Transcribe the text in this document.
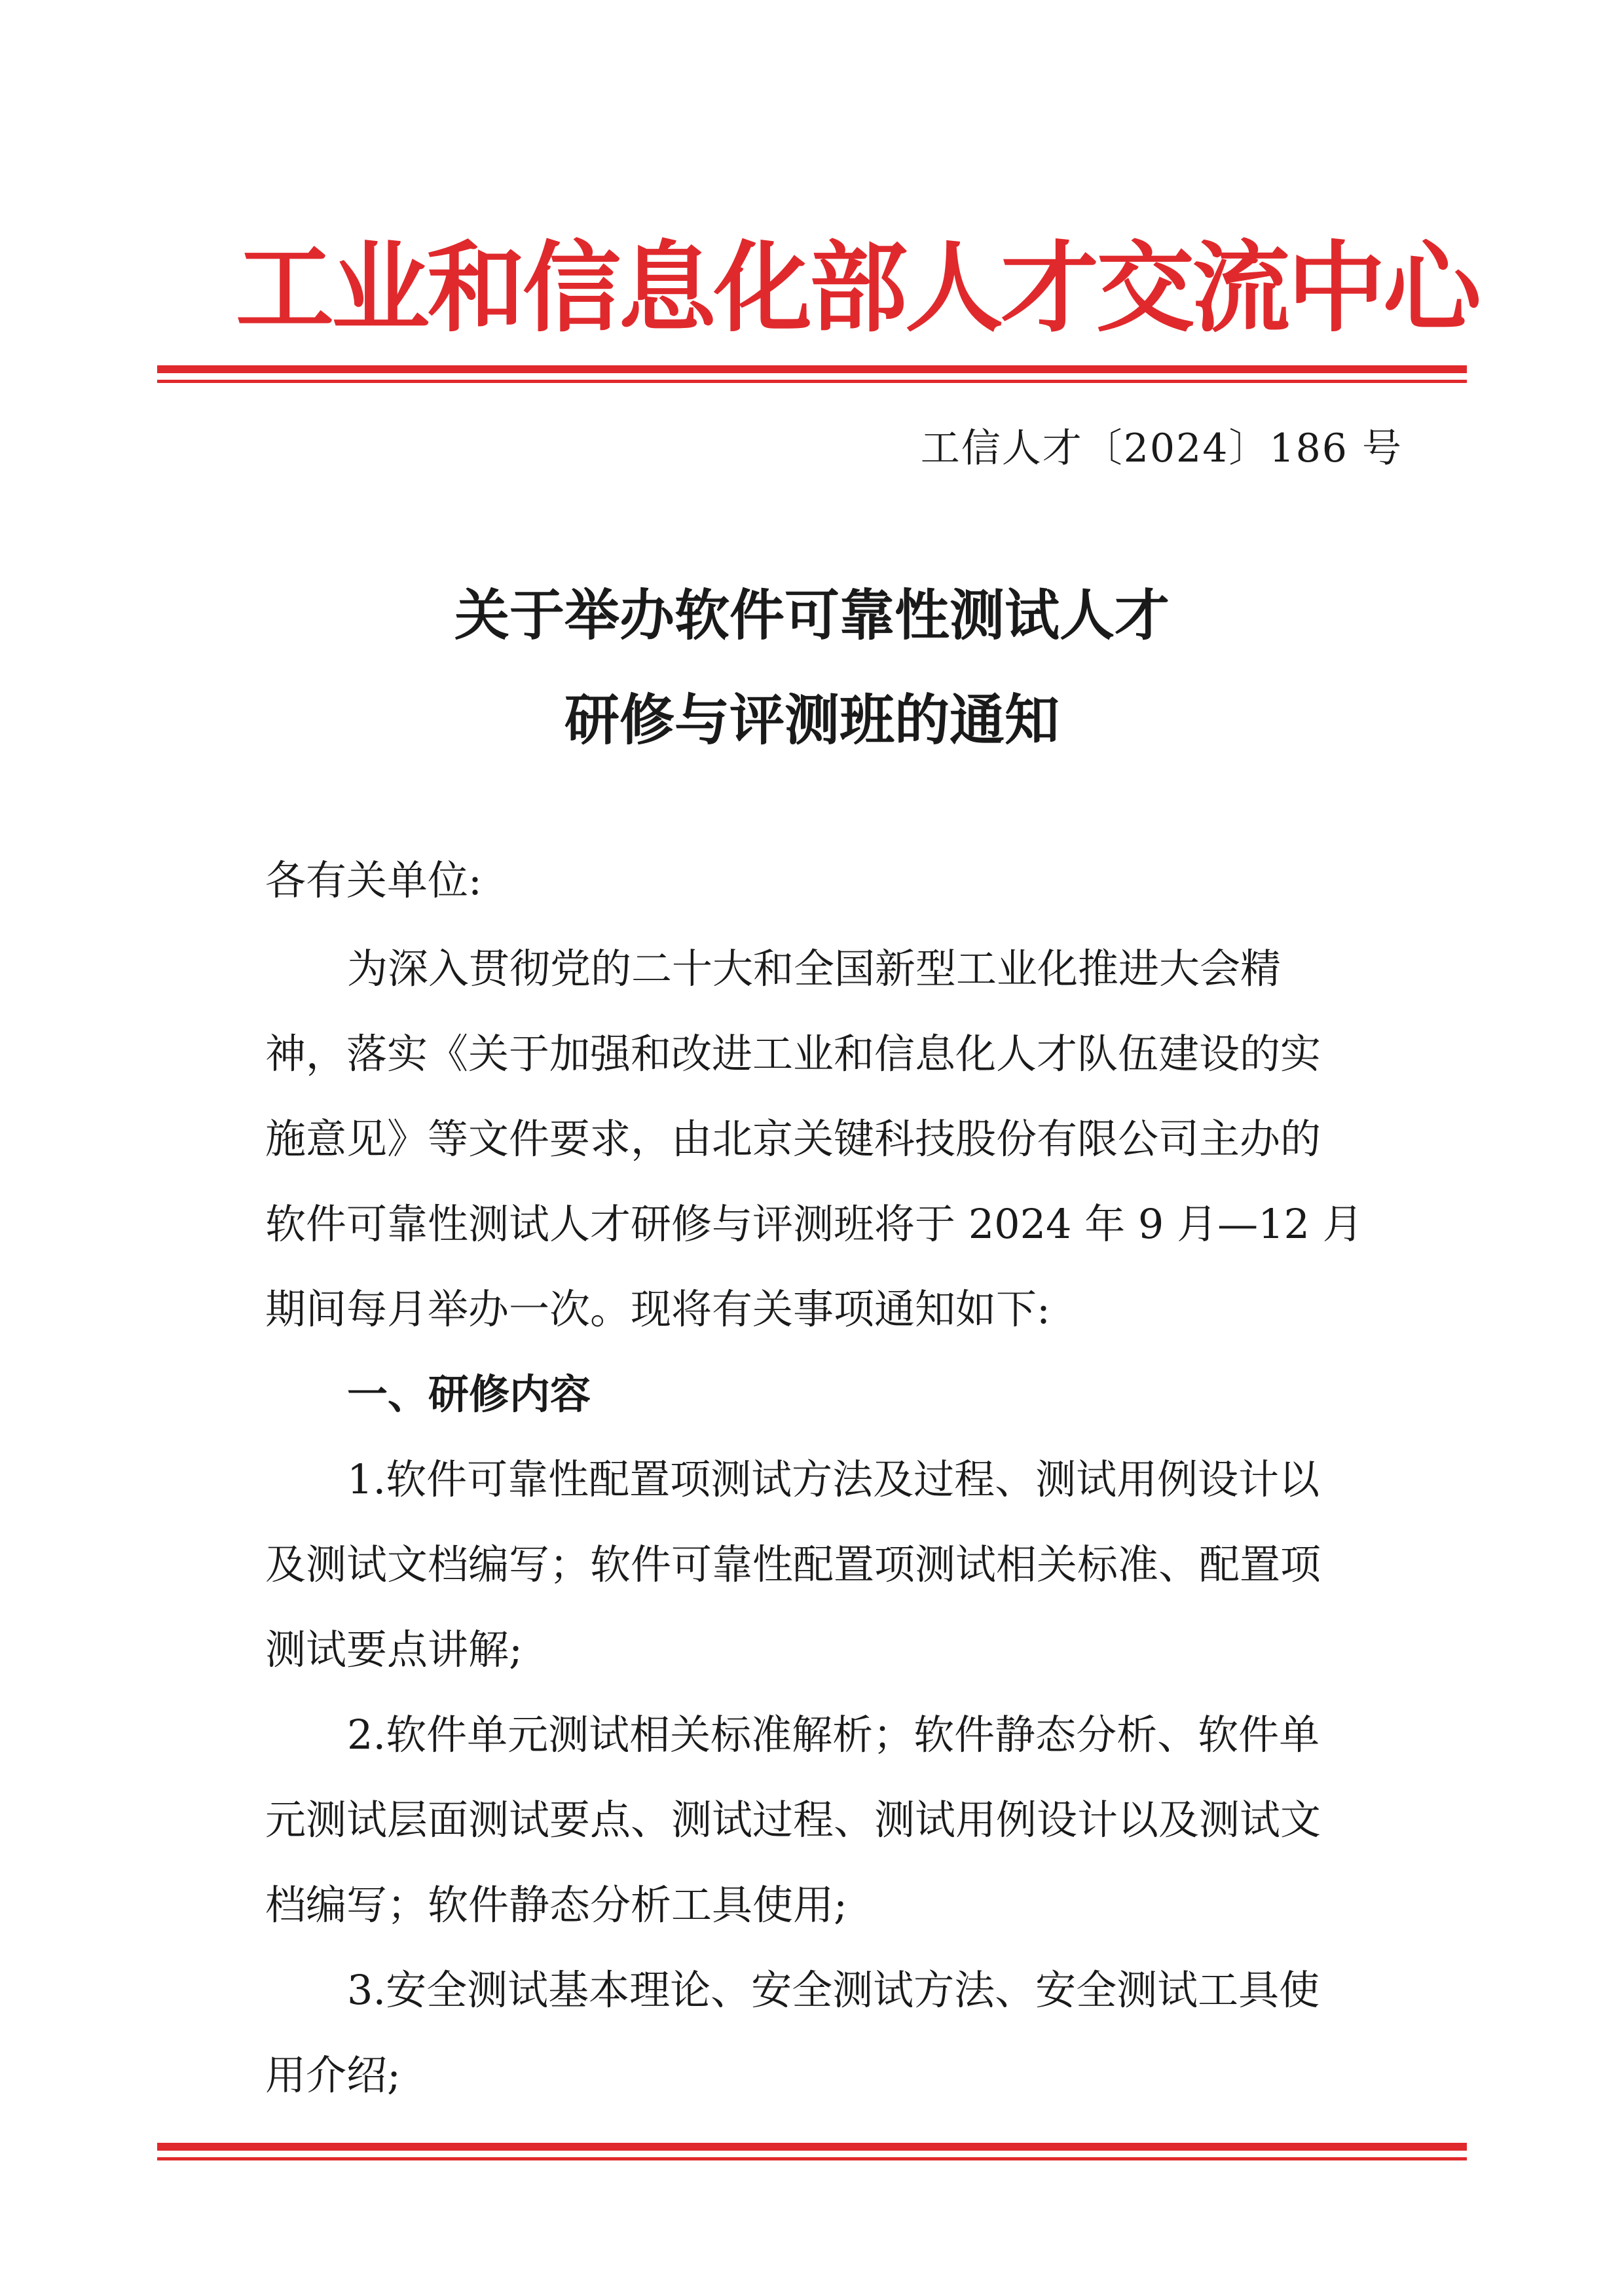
工业和信息化部人才交流中心
工信人才〔2024〕186 号
关于举办软件可靠性测试人才
研修与评测班的通知
各有关单位:
为深入贯彻党的二十大和全国新型工业化推进大会精
神，落实《关于加强和改进工业和信息化人才队伍建设的实
施意见》等文件要求，由北京关键科技股份有限公司主办的
软件可靠性测试人才研修与评测班将于 2024 年 9 月—12 月
期间每月举办一次。现将有关事项通知如下:
一、研修内容
1.软件可靠性配置项测试方法及过程、测试用例设计以
及测试文档编写；软件可靠性配置项测试相关标准、配置项
测试要点讲解;
2.软件单元测试相关标准解析；软件静态分析、软件单
元测试层面测试要点、测试过程、测试用例设计以及测试文
档编写；软件静态分析工具使用;
3.安全测试基本理论、安全测试方法、安全测试工具使
用介绍;
